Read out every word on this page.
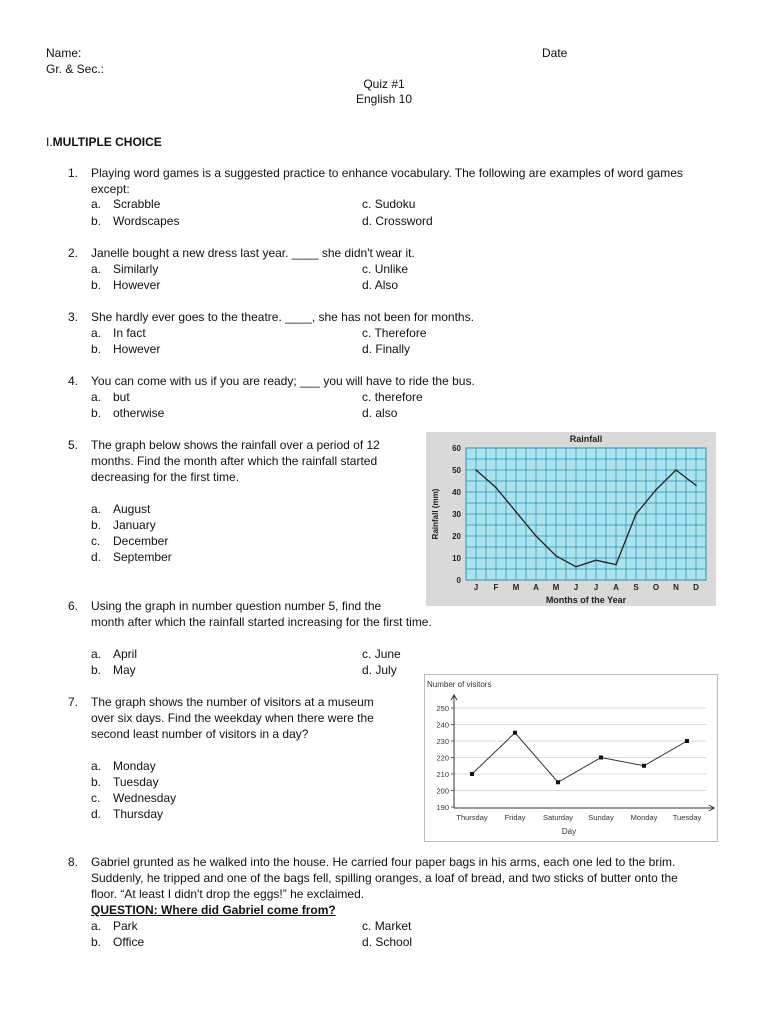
Name:	Date
Gr. & Sec.:
Quiz #1
English 10
I.MULTIPLE CHOICE
1. Playing word games is a suggested practice to enhance vocabulary. The following are examples of word games
except:
a. Scrabble
b. Wordscapes
c. Sudoku
d. Crossword
2. Janelle bought a new dress last year. ____ she didn't wear it.
a. Similarly
b. However
c. Unlike
d. Also
3. She hardly ever goes to the theatre. ____, she has not been for months.
a. In fact
b. However
c. Therefore
d. Finally
4. You can come with us if you are ready; ___ you will have to ride the bus.
a. but
b. otherwise
c. therefore
d. also
5. The graph below shows the rainfall over a period of 12
months. Find the month after which the rainfall started
decreasing for the first time.
a. August
b. January
c. December
d. September
0
10
20
30
40
50
60
J F M A M J J A S O N D
Rainfall
Months of the Year
Rainfall (mm)
6. Using the graph in number question number 5, find the
month after which the rainfall started increasing for the first time.
a. April
b. May
c. June
d. July
7. The graph shows the number of visitors at a museum
over six days. Find the weekday when there were the
second least number of visitors in a day?
a. Monday
b. Tuesday
c. Wednesday
d. Thursday
Number of visitors
190
200
210
220
230
240
250
Thursday Friday Saturday Sunday Monday Tuesday
Day
8. Gabriel grunted as he walked into the house. He carried four paper bags in his arms, each one led to the brim.
Suddenly, he tripped and one of the bags fell, spilling oranges, a loaf of bread, and two sticks of butter onto the
floor. “At least I didn't drop the eggs!” he exclaimed.
QUESTION: Where did Gabriel come from?
a. Park
b. Office
c. Market
d. School
